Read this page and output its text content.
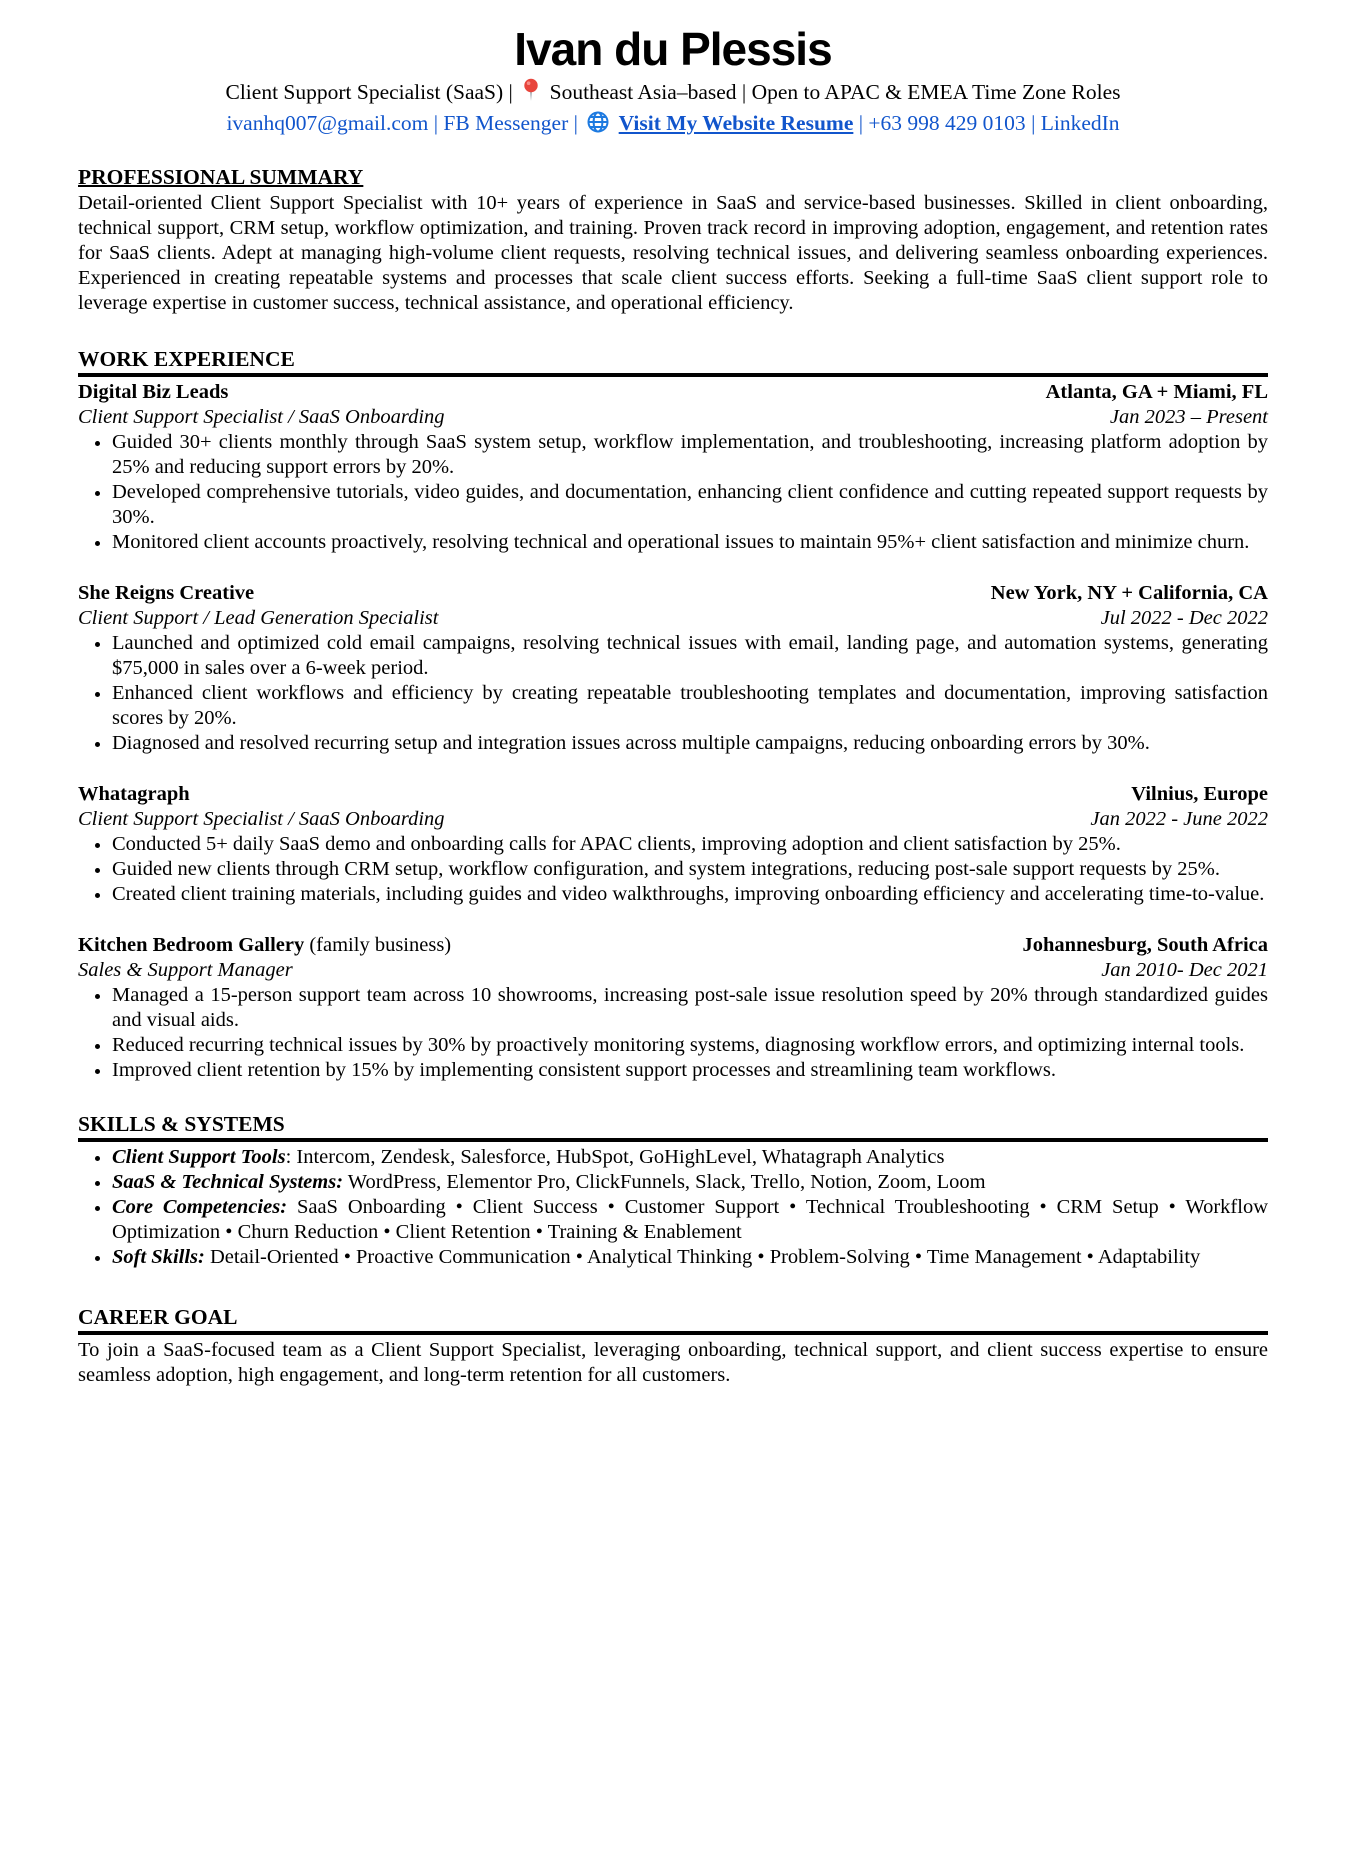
Ivan du Plessis
Client Support Specialist (SaaS) | Southeast Asia–based | Open to APAC & EMEA Time Zone Roles
ivanhq007@gmail.com | FB Messenger | Visit My Website Resume | +63 998 429 0103 | LinkedIn
PROFESSIONAL SUMMARY

Detail-oriented Client Support Specialist with 10+ years of experience in SaaS and service-based businesses. Skilled in client onboarding, technical support, CRM setup, workflow optimization, and training. Proven track record in improving adoption, engagement, and retention rates for SaaS clients. Adept at managing high-volume client requests, resolving technical issues, and delivering seamless onboarding experiences. Experienced in creating repeatable systems and processes that scale client success efforts. Seeking a full-time SaaS client support role to leverage expertise in customer success, technical assistance, and operational efficiency.

WORK EXPERIENCE
Digital Biz Leads	Atlanta, GA + Miami, FL
Client Support Specialist / SaaS Onboarding	Jan 2023 – Present
• Guided 30+ clients monthly through SaaS system setup, workflow implementation, and troubleshooting, increasing platform adoption by 25% and reducing support errors by 20%.
• Developed comprehensive tutorials, video guides, and documentation, enhancing client confidence and cutting repeated support requests by 30%.
• Monitored client accounts proactively, resolving technical and operational issues to maintain 95%+ client satisfaction and minimize churn.
She Reigns Creative	New York, NY + California, CA
Client Support / Lead Generation Specialist	Jul 2022 - Dec 2022
• Launched and optimized cold email campaigns, resolving technical issues with email, landing page, and automation systems, generating $75,000 in sales over a 6-week period.
• Enhanced client workflows and efficiency by creating repeatable troubleshooting templates and documentation, improving satisfaction scores by 20%.
• Diagnosed and resolved recurring setup and integration issues across multiple campaigns, reducing onboarding errors by 30%.
Whatagraph	Vilnius, Europe
Client Support Specialist / SaaS Onboarding	Jan 2022 - June 2022
• Conducted 5+ daily SaaS demo and onboarding calls for APAC clients, improving adoption and client satisfaction by 25%.
• Guided new clients through CRM setup, workflow configuration, and system integrations, reducing post-sale support requests by 25%.
• Created client training materials, including guides and video walkthroughs, improving onboarding efficiency and accelerating time-to-value.
Kitchen Bedroom Gallery (family business)	Johannesburg, South Africa
Sales & Support Manager	Jan 2010- Dec 2021
• Managed a 15-person support team across 10 showrooms, increasing post-sale issue resolution speed by 20% through standardized guides and visual aids.
• Reduced recurring technical issues by 30% by proactively monitoring systems, diagnosing workflow errors, and optimizing internal tools.
• Improved client retention by 15% by implementing consistent support processes and streamlining team workflows.
SKILLS & SYSTEMS
• Client Support Tools: Intercom, Zendesk, Salesforce, HubSpot, GoHighLevel, Whatagraph Analytics
• SaaS & Technical Systems: WordPress, Elementor Pro, ClickFunnels, Slack, Trello, Notion, Zoom, Loom
• Core Competencies: SaaS Onboarding • Client Success • Customer Support • Technical Troubleshooting • CRM Setup • Workflow Optimization • Churn Reduction • Client Retention • Training & Enablement
• Soft Skills: Detail-Oriented • Proactive Communication • Analytical Thinking • Problem-Solving • Time Management • Adaptability
CAREER GOAL

To join a SaaS-focused team as a Client Support Specialist, leveraging onboarding, technical support, and client success expertise to ensure seamless adoption, high engagement, and long-term retention for all customers.
